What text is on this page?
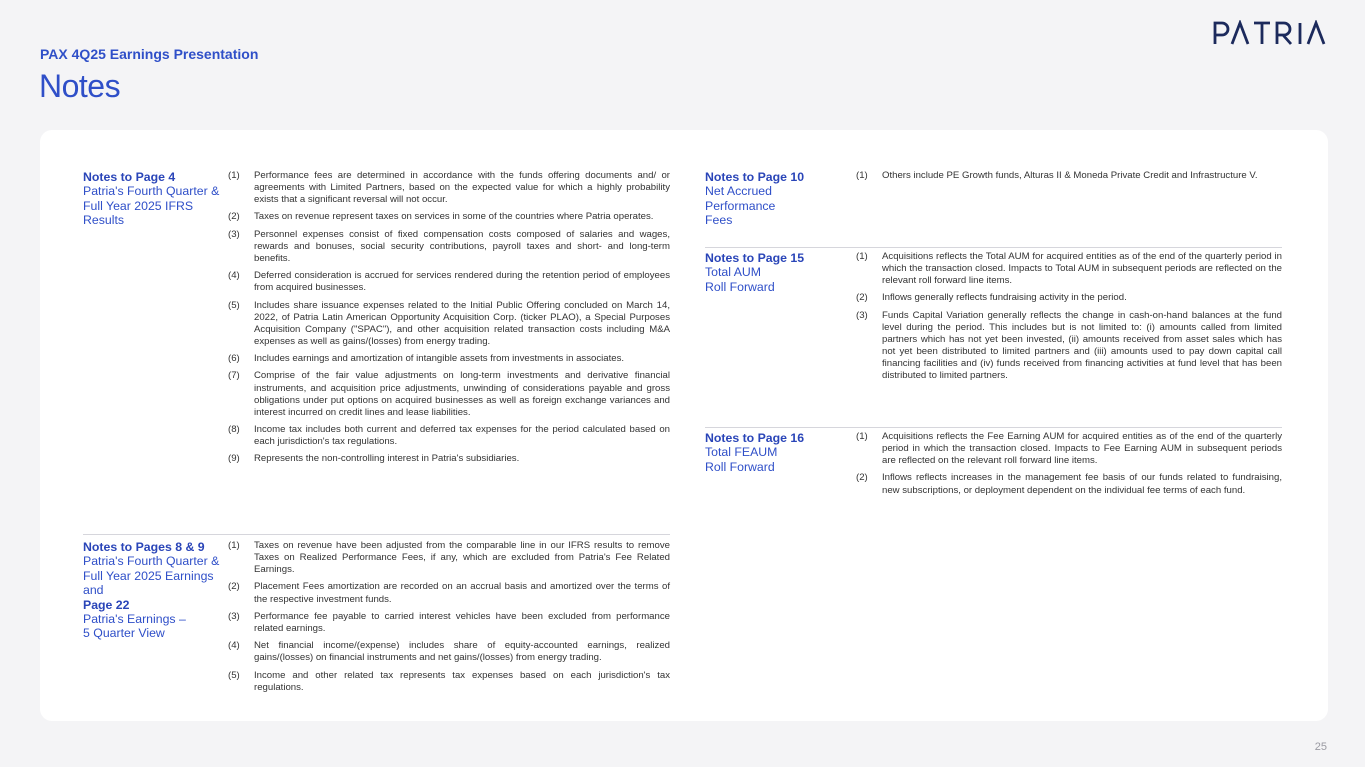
PAX 4Q25 Earnings Presentation
Notes
Notes to Page 4
Patria's Fourth Quarter & Full Year 2025 IFRS Results
(1)	Performance fees are determined in accordance with the funds offering documents and/ or agreements with Limited Partners, based on the expected value for which a highly probability exists that a significant reversal will not occur.
(2)	Taxes on revenue represent taxes on services in some of the countries where Patria operates.
(3)	Personnel expenses consist of fixed compensation costs composed of salaries and wages, rewards and bonuses, social security contributions, payroll taxes and short- and long-term benefits.
(4)	Deferred consideration is accrued for services rendered during the retention period of employees from acquired businesses.
(5)	Includes share issuance expenses related to the Initial Public Offering concluded on March 14, 2022, of Patria Latin American Opportunity Acquisition Corp. (ticker PLAO), a Special Purposes Acquisition Company ("SPAC"), and other acquisition related transaction costs including M&A expenses as well as gains/(losses) from energy trading.
(6)	Includes earnings and amortization of intangible assets from investments in associates.
(7)	Comprise of the fair value adjustments on long-term investments and derivative financial instruments, and acquisition price adjustments, unwinding of considerations payable and gross obligations under put options on acquired businesses as well as foreign exchange variances and interest incurred on credit lines and lease liabilities.
(8)	Income tax includes both current and deferred tax expenses for the period calculated based on each jurisdiction's tax regulations.
(9)	Represents the non-controlling interest in Patria's subsidiaries.
Notes to Pages 8 & 9
Patria's Fourth Quarter & Full Year 2025 Earnings and
Page 22
Patria's Earnings – 5 Quarter View
(1)	Taxes on revenue have been adjusted from the comparable line in our IFRS results to remove Taxes on Realized Performance Fees, if any, which are excluded from Patria's Fee Related Earnings.
(2)	Placement Fees amortization are recorded on an accrual basis and amortized over the terms of the respective investment funds.
(3)	Performance fee payable to carried interest vehicles have been excluded from performance related earnings.
(4)	Net financial income/(expense) includes share of equity-accounted earnings, realized gains/(losses) on financial instruments and net gains/(losses) from energy trading.
(5)	Income and other related tax represents tax expenses based on each jurisdiction's tax regulations.
Notes to Page 10
Net Accrued Performance Fees
(1)	Others include PE Growth funds, Alturas II & Moneda Private Credit and Infrastructure V.
Notes to Page 15
Total AUM Roll Forward
(1)	Acquisitions reflects the Total AUM for acquired entities as of the end of the quarterly period in which the transaction closed. Impacts to Total AUM in subsequent periods are reflected on the relevant roll forward line items.
(2)	Inflows generally reflects fundraising activity in the period.
(3)	Funds Capital Variation generally reflects the change in cash-on-hand balances at the fund level during the period. This includes but is not limited to: (i) amounts called from limited partners which has not yet been invested, (ii) amounts received from asset sales which has not yet been distributed to limited partners and (iii) amounts used to pay down capital call financing facilities and (iv) funds received from financing activities at fund level that has been distributed to limited partners.
Notes to Page 16
Total FEAUM Roll Forward
(1)	Acquisitions reflects the Fee Earning AUM for acquired entities as of the end of the quarterly period in which the transaction closed. Impacts to Fee Earning AUM in subsequent periods are reflected on the relevant roll forward line items.
(2)	Inflows reflects increases in the management fee basis of our funds related to fundraising, new subscriptions, or deployment dependent on the individual fee terms of each fund.
25
